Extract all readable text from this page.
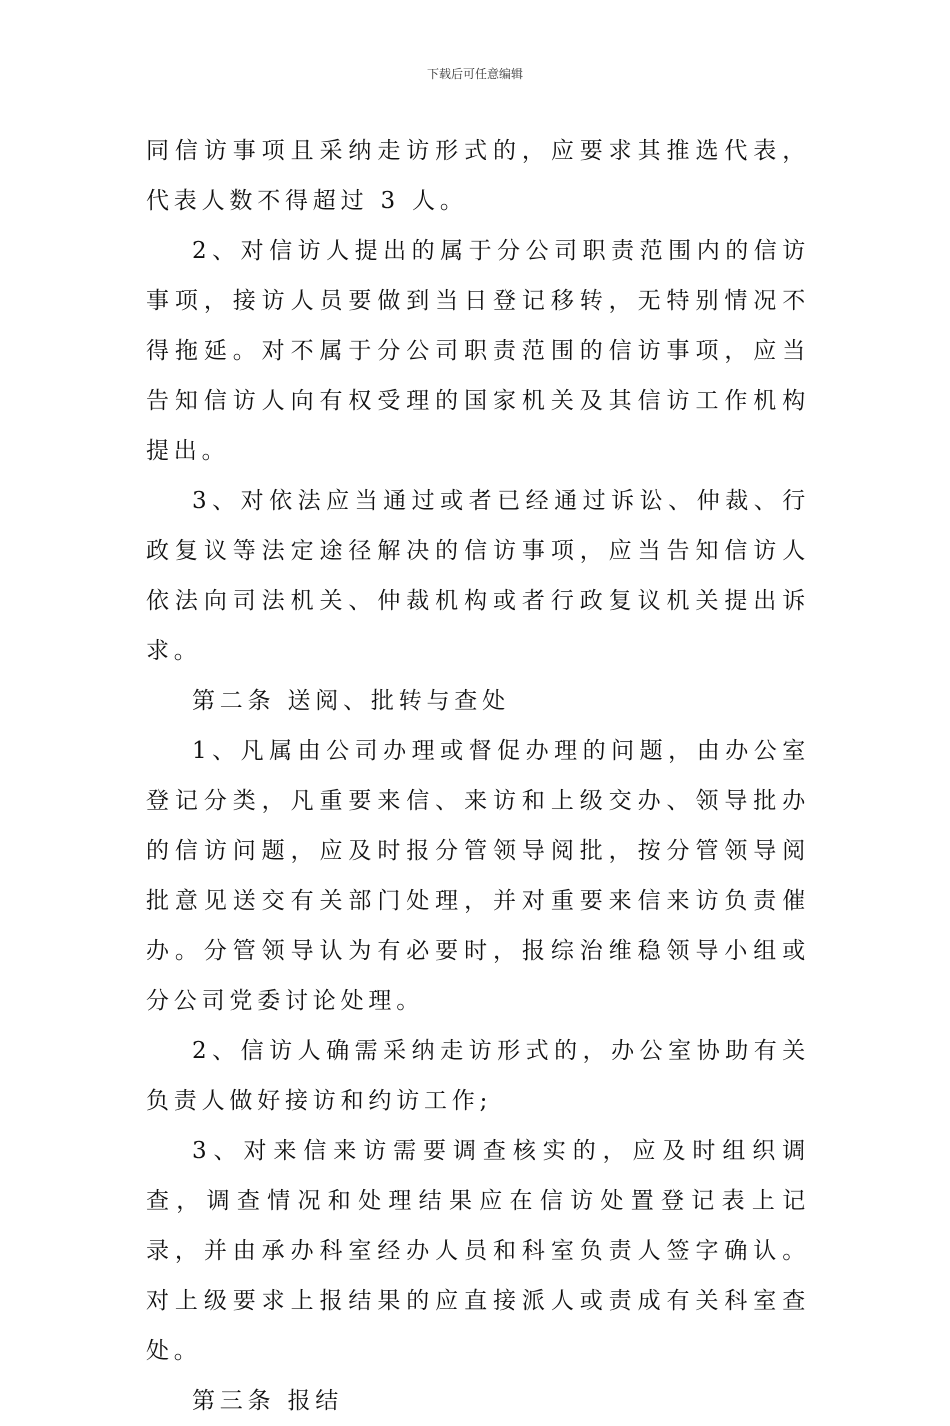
下载后可任意编辑

同信访事项且采纳走访形式的，应要求其推选代表，代表人数不得超过 3 人。

2、对信访人提出的属于分公司职责范围内的信访事项，接访人员要做到当日登记移转，无特别情况不得拖延。对不属于分公司职责范围的信访事项，应当告知信访人向有权受理的国家机关及其信访工作机构提出。

3、对依法应当通过或者已经通过诉讼、仲裁、行政复议等法定途径解决的信访事项，应当告知信访人依法向司法机关、仲裁机构或者行政复议机关提出诉求。

第二条 送阅、批转与查处

1、凡属由公司办理或督促办理的问题，由办公室登记分类，凡重要来信、来访和上级交办、领导批办的信访问题，应及时报分管领导阅批，按分管领导阅批意见送交有关部门处理，并对重要来信来访负责催办。分管领导认为有必要时，报综治维稳领导小组或分公司党委讨论处理。

2、信访人确需采纳走访形式的，办公室协助有关负责人做好接访和约访工作;

3、对来信来访需要调查核实的，应及时组织调查，调查情况和处理结果应在信访处置登记表上记录，并由承办科室经办人员和科室负责人签字确认。对上级要求上报结果的应直接派人或责成有关科室查处。

第三条 报结
